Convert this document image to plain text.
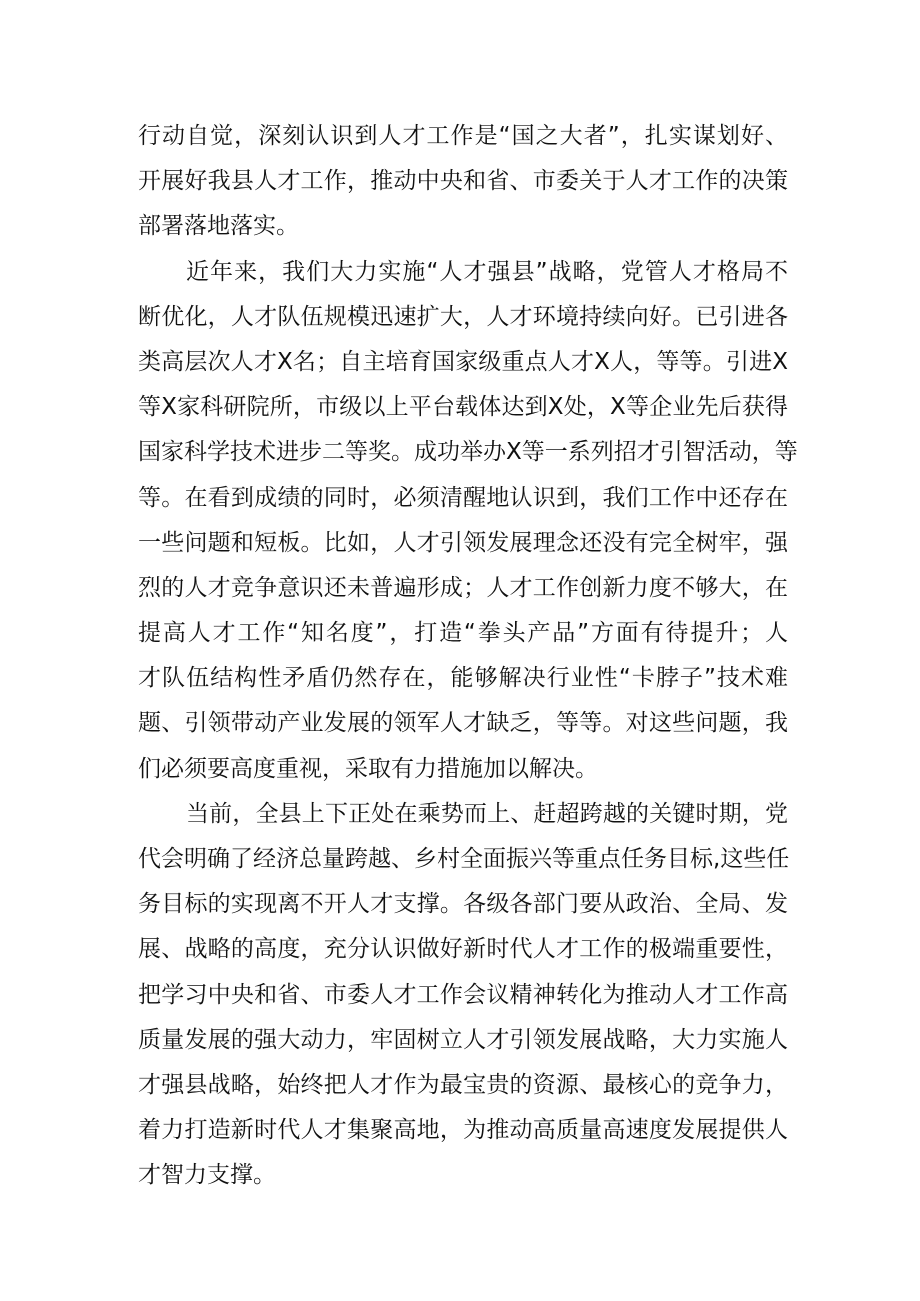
行动自觉，深刻认识到人才工作是“国之大者”，扎实谋划好、
开展好我县人才工作，推动中央和省、市委关于人才工作的决策
部署落地落实。
近年来，我们大力实施“人才强县”战略，党管人才格局不
断优化，人才队伍规模迅速扩大，人才环境持续向好。已引进各
类高层次人才X名；自主培育国家级重点人才X人，等等。引进X
等X家科研院所，市级以上平台载体达到X处，X等企业先后获得
国家科学技术进步二等奖。成功举办X等一系列招才引智活动，等
等。在看到成绩的同时，必须清醒地认识到，我们工作中还存在
一些问题和短板。比如，人才引领发展理念还没有完全树牢，强
烈的人才竞争意识还未普遍形成；人才工作创新力度不够大，在
提高人才工作“知名度”，打造“拳头产品”方面有待提升；人
才队伍结构性矛盾仍然存在，能够解决行业性“卡脖子”技术难
题、引领带动产业发展的领军人才缺乏，等等。对这些问题，我
们必须要高度重视，采取有力措施加以解决。
当前，全县上下正处在乘势而上、赶超跨越的关键时期，党
代会明确了经济总量跨越、乡村全面振兴等重点任务目标,这些任
务目标的实现离不开人才支撑。各级各部门要从政治、全局、发
展、战略的高度，充分认识做好新时代人才工作的极端重要性，
把学习中央和省、市委人才工作会议精神转化为推动人才工作高
质量发展的强大动力，牢固树立人才引领发展战略，大力实施人
才强县战略，始终把人才作为最宝贵的资源、最核心的竞争力，
着力打造新时代人才集聚高地，为推动高质量高速度发展提供人
才智力支撑。
